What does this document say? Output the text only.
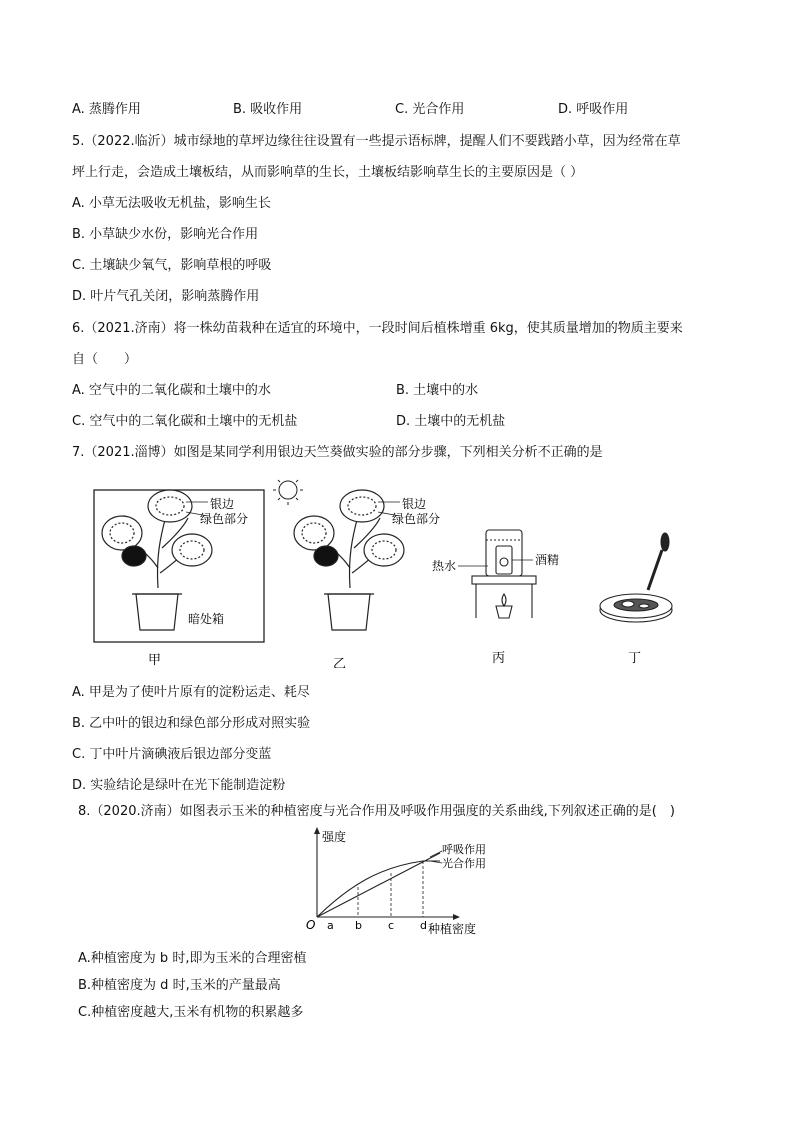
A. 蒸腾作用	B. 吸收作用	C. 光合作用	D. 呼吸作用
5.（2022.临沂）城市绿地的草坪边缘往往设置有一些提示语标牌，提醒人们不要践踏小草，因为经常在草
坪上行走，会造成土壤板结，从而影响草的生长，土壤板结影响草生长的主要原因是（ ）
A. 小草无法吸收无机盐，影响生长
B. 小草缺少水份，影响光合作用
C. 土壤缺少氧气，影响草根的呼吸
D. 叶片气孔关闭，影响蒸腾作用
6.（2021.济南）将一株幼苗栽种在适宜的环境中，一段时间后植株增重 6kg，使其质量增加的物质主要来
自（　　）
A. 空气中的二氧化碳和土壤中的水	B. 土壤中的水
C. 空气中的二氧化碳和土壤中的无机盐	D. 土壤中的无机盐
7.（2021.淄博）如图是某同学利用银边天竺葵做实验的部分步骤，下列相关分析不正确的是
银边
绿色部分
暗处箱
银边
绿色部分
热水	酒精
甲	乙	丙	丁
A. 甲是为了使叶片原有的淀粉运走、耗尽
B. 乙中叶的银边和绿色部分形成对照实验
C. 丁中叶片滴碘液后银边部分变蓝
D. 实验结论是绿叶在光下能制造淀粉
8.（2020.济南）如图表示玉米的种植密度与光合作用及呼吸作用强度的关系曲线,下列叙述正确的是(　)
强度
种植密度
O a b c d
呼吸作用
光合作用
A.种植密度为 b 时,即为玉米的合理密植
B.种植密度为 d 时,玉米的产量最高
C.种植密度越大,玉米有机物的积累越多
